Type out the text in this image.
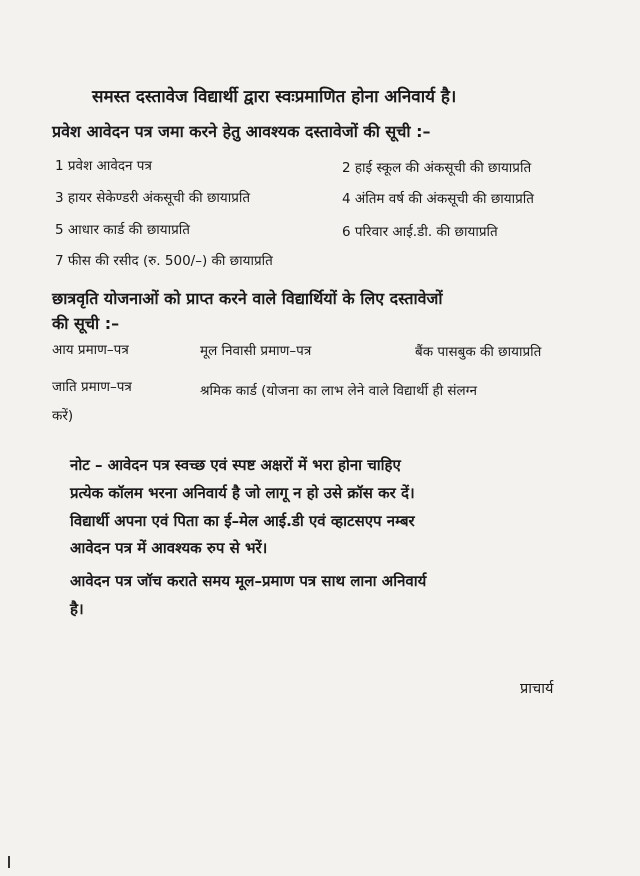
समस्त दस्तावेज विद्यार्थी द्वारा स्वःप्रमाणित होना अनिवार्य है।
प्रवेश आवेदन पत्र जमा करने हेतु आवश्यक दस्तावेजों की सूची :–
1 प्रवेश आवेदन पत्र	2 हाई स्कूल की अंकसूची की छायाप्रति
3 हायर सेकेण्डरी अंकसूची की छायाप्रति	4 अंतिम वर्ष की अंकसूची की छायाप्रति
5 आधार कार्ड की छायाप्रति	6 परिवार आई.डी. की छायाप्रति
7 फीस की रसीद (रु. 500/–) की छायाप्रति
छात्रवृति योजनाओं को प्राप्त करने वाले विद्यार्थियों के लिए दस्तावेजों
की सूची :–
आय प्रमाण–पत्र	मूल निवासी प्रमाण–पत्र	बैंक पासबुक की छायाप्रति
जाति प्रमाण–पत्र	श्रमिक कार्ड (योजना का लाभ लेने वाले विद्यार्थी ही संलग्न
करें)
नोट – आवेदन पत्र स्वच्छ एवं स्पष्ट अक्षरों में भरा होना चाहिए
प्रत्येक कॉलम भरना अनिवार्य है जो लागू न हो उसे क्रॉस कर दें।
विद्यार्थी अपना एवं पिता का ई–मेल आई.डी एवं व्हाटसएप नम्बर
आवेदन पत्र में आवश्यक रुप से भरें।
आवेदन पत्र जॉच कराते समय मूल–प्रमाण पत्र साथ लाना अनिवार्य
है।
प्राचार्य
